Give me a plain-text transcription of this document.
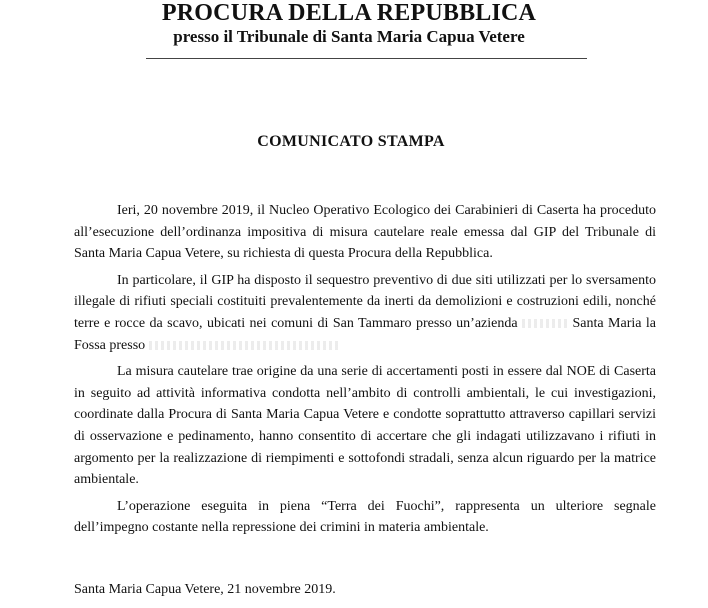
PROCURA DELLA REPUBBLICA
presso il Tribunale di Santa Maria Capua Vetere
COMUNICATO STAMPA

Ieri, 20 novembre 2019, il Nucleo Operativo Ecologico dei Carabinieri di Caserta ha proceduto all’esecuzione dell’ordinanza impositiva di misura cautelare reale emessa dal GIP del Tribunale di Santa Maria Capua Vetere, su richiesta di questa Procura della Repubblica.

In particolare, il GIP ha disposto il sequestro preventivo di due siti utilizzati per lo sversamento illegale di rifiuti speciali costituiti prevalentemente da inerti da demolizioni e costruzioni edili, nonché terre e rocce da scavo, ubicati nei comuni di San Tammaro presso un’azienda	Santa Maria la Fossa presso

La misura cautelare trae origine da una serie di accertamenti posti in essere dal NOE di Caserta in seguito ad attività informativa condotta nell’ambito di controlli ambientali, le cui investigazioni, coordinate dalla Procura di Santa Maria Capua Vetere e condotte soprattutto attraverso capillari servizi di osservazione e pedinamento, hanno consentito di accertare che gli indagati utilizzavano i rifiuti in argomento per la realizzazione di riempimenti e sottofondi stradali, senza alcun riguardo per la matrice ambientale.

L’operazione eseguita in piena “Terra dei Fuochi”, rappresenta un ulteriore segnale dell’impegno costante nella repressione dei crimini in materia ambientale.

Santa Maria Capua Vetere, 21 novembre 2019.
